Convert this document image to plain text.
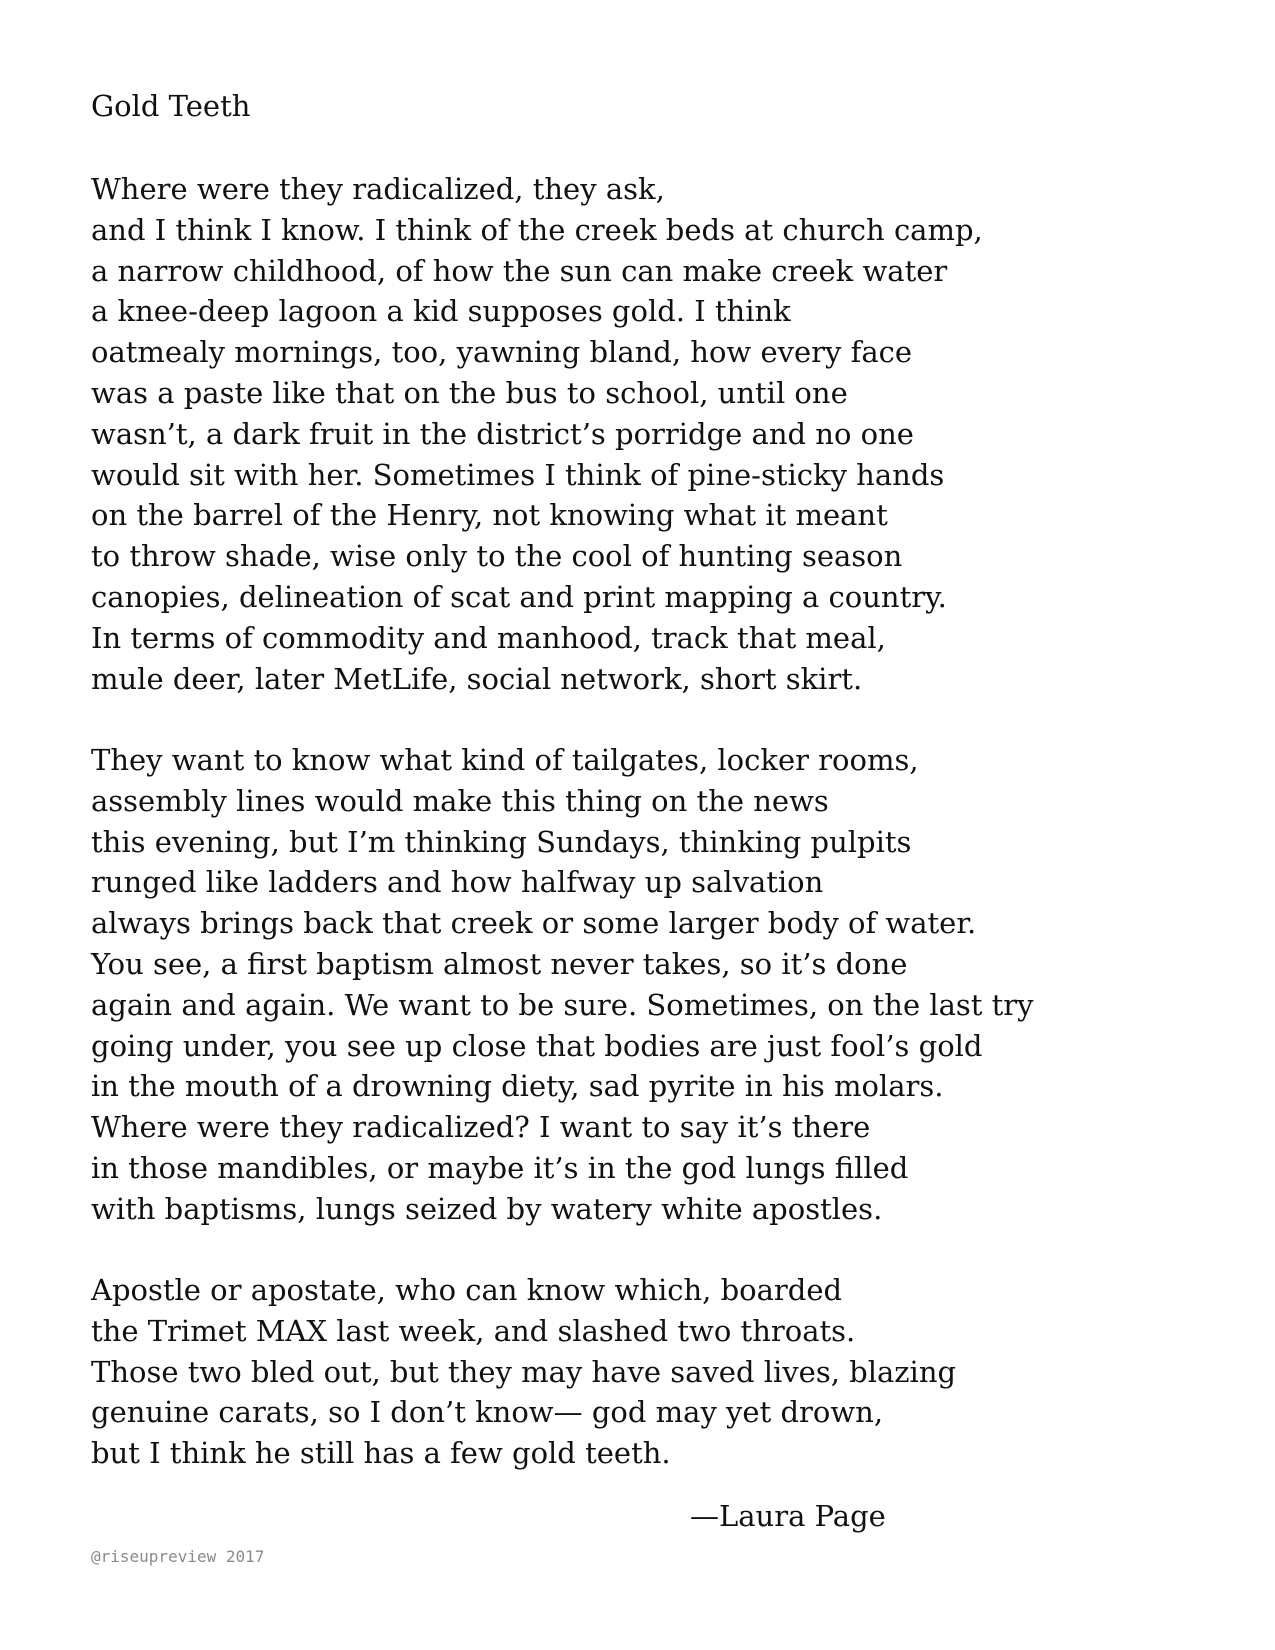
Gold Teeth
Where were they radicalized, they ask,
and I think I know. I think of the creek beds at church camp,
a narrow childhood, of how the sun can make creek water
a knee-deep lagoon a kid supposes gold. I think
oatmealy mornings, too, yawning bland, how every face
was a paste like that on the bus to school, until one
wasn’t, a dark fruit in the district’s porridge and no one
would sit with her. Sometimes I think of pine-sticky hands
on the barrel of the Henry, not knowing what it meant
to throw shade, wise only to the cool of hunting season
canopies, delineation of scat and print mapping a country.
In terms of commodity and manhood, track that meal,
mule deer, later MetLife, social network, short skirt.
They want to know what kind of tailgates, locker rooms,
assembly lines would make this thing on the news
this evening, but I’m thinking Sundays, thinking pulpits
runged like ladders and how halfway up salvation
always brings back that creek or some larger body of water.
You see, a first baptism almost never takes, so it’s done
again and again. We want to be sure. Sometimes, on the last try
going under, you see up close that bodies are just fool’s gold
in the mouth of a drowning diety, sad pyrite in his molars.
Where were they radicalized? I want to say it’s there
in those mandibles, or maybe it’s in the god lungs filled
with baptisms, lungs seized by watery white apostles.
Apostle or apostate, who can know which, boarded
the Trimet MAX last week, and slashed two throats.
Those two bled out, but they may have saved lives, blazing
genuine carats, so I don’t know— god may yet drown,
but I think he still has a few gold teeth.
—Laura Page
@riseupreview 2017
